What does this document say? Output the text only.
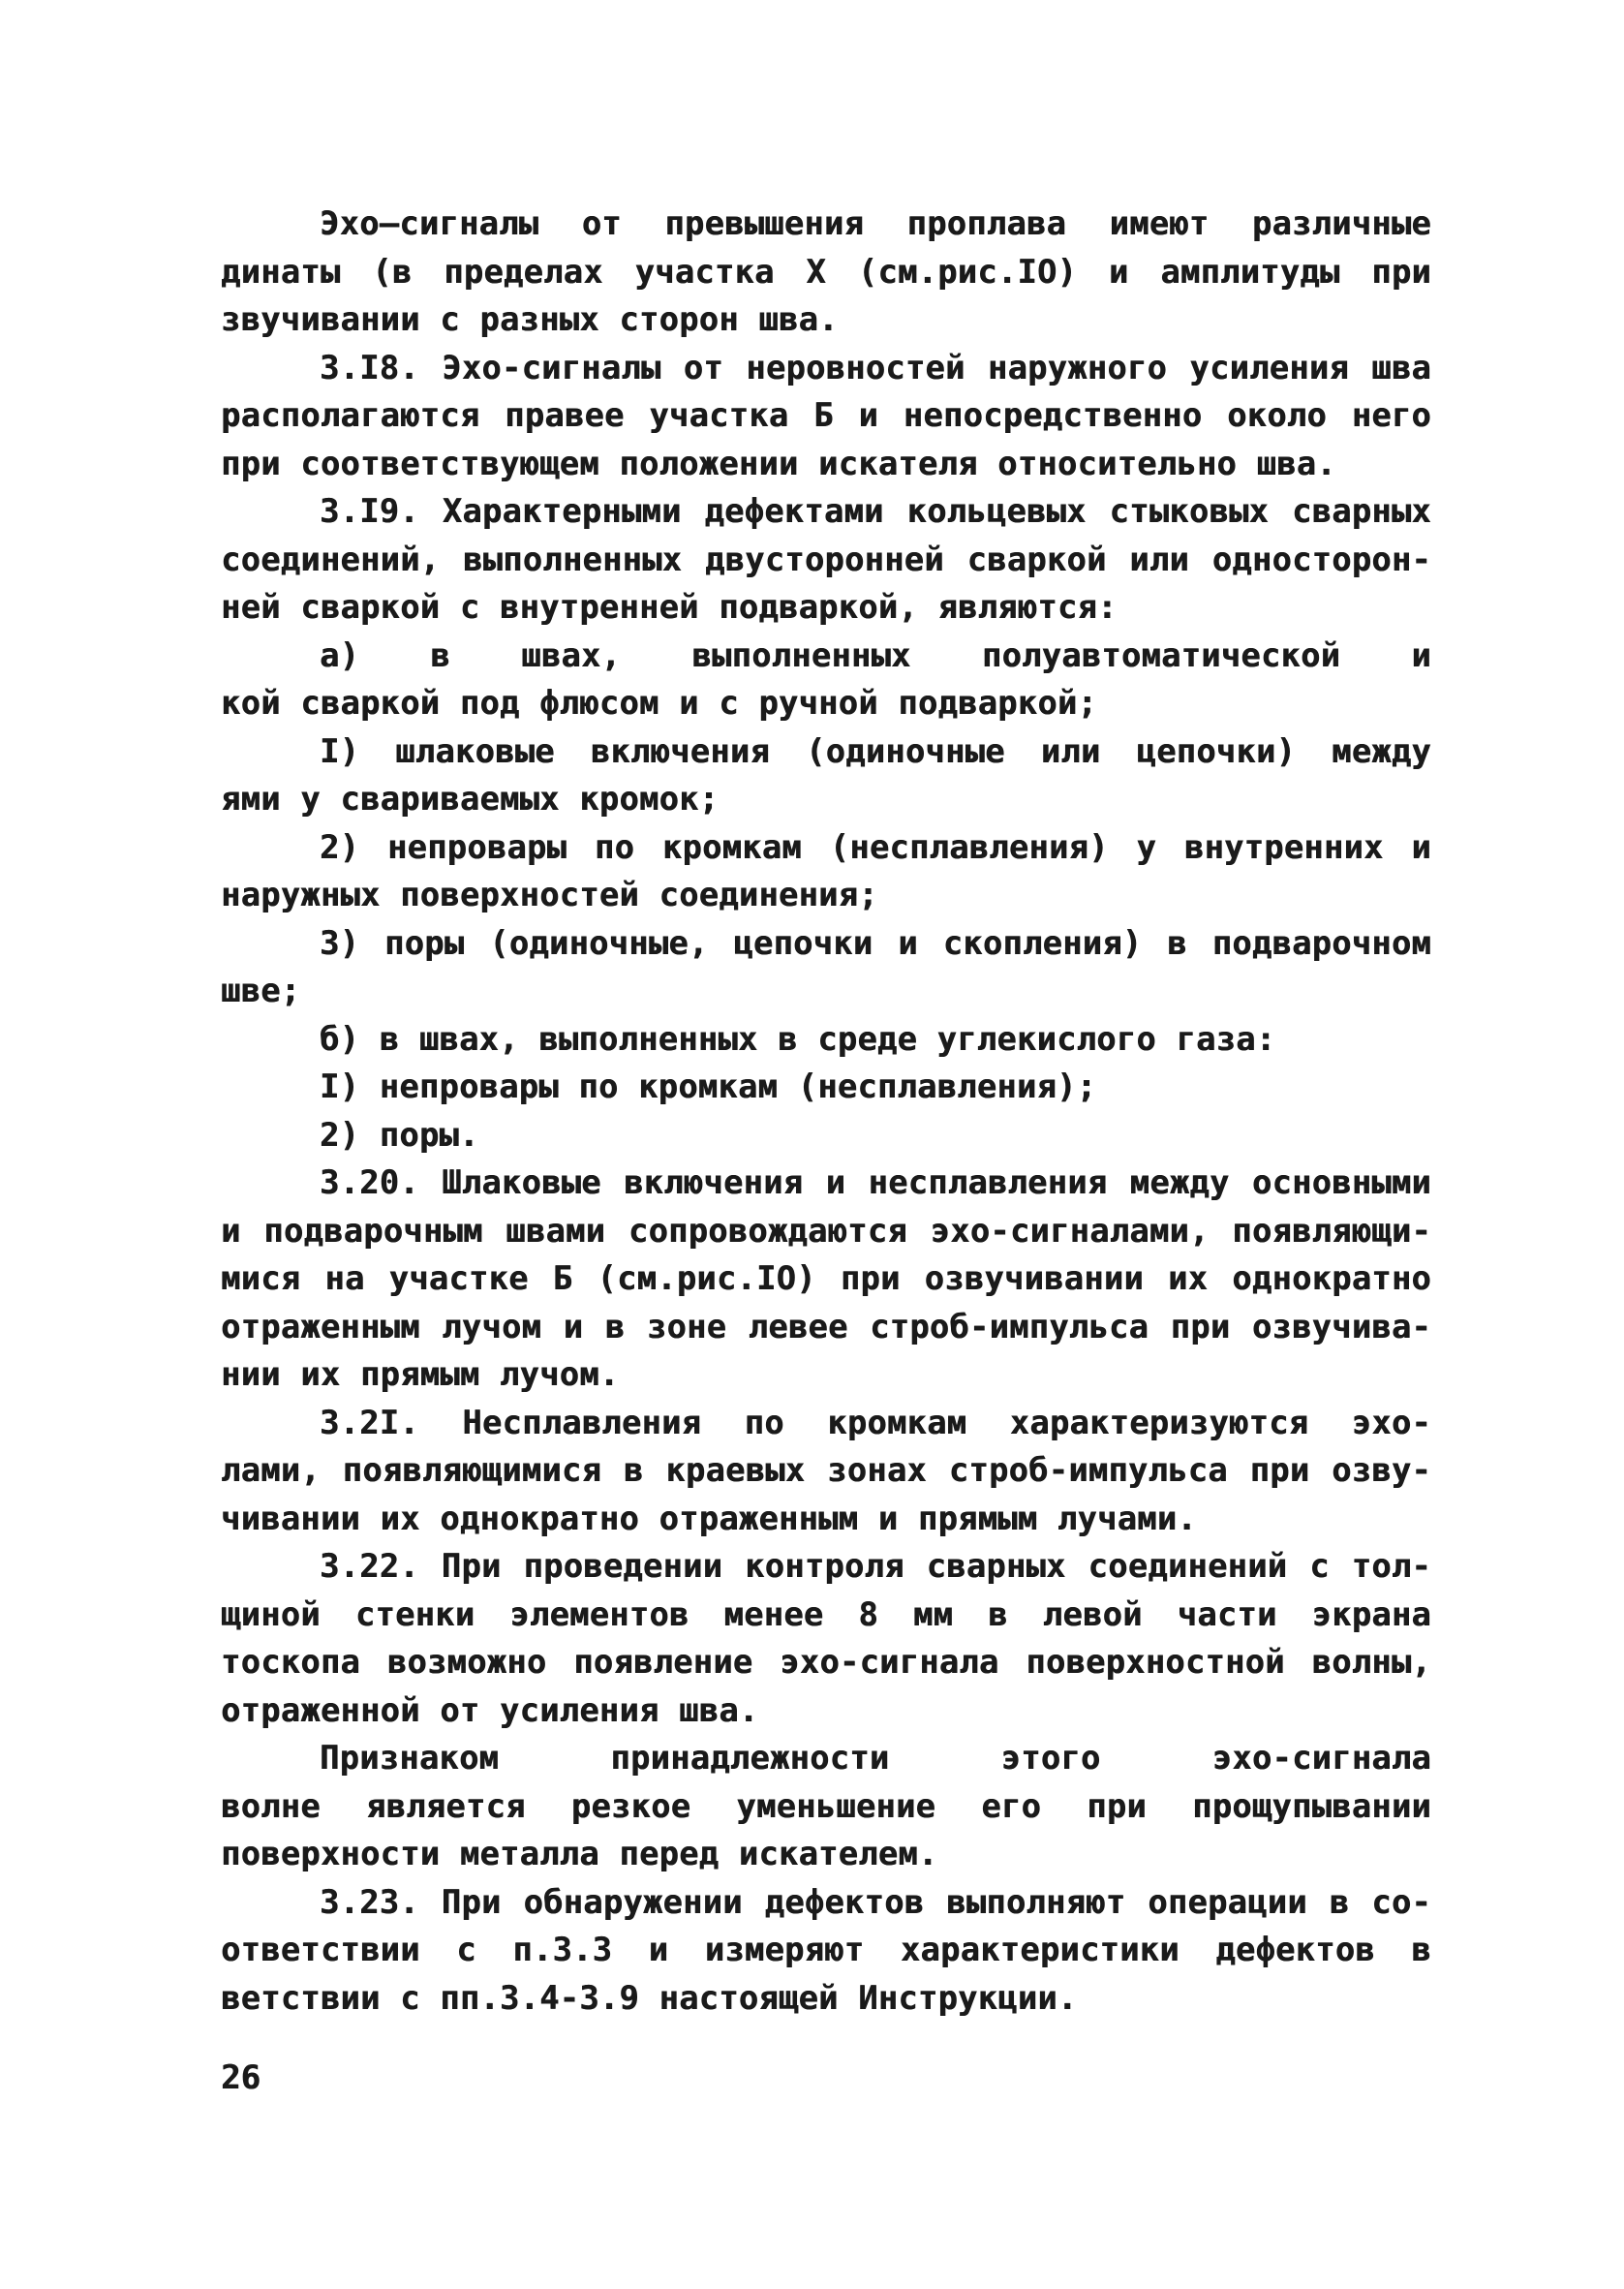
Эхо–сигналы от превышения проплава имеют различные
динаты (в пределах участка X (см.рис.IO) и амплитуды при
звучивании с разных сторон шва.
3.I8. Эхо-сигналы от неровностей наружного усиления шва
располагаются правее участка Б и непосредственно около него
при соответствующем положении искателя относительно шва.
3.I9. Характерными дефектами кольцевых стыковых сварных
соединений, выполненных двусторонней сваркой или односторон-
ней сваркой с внутренней подваркой, являются:
а) в швах, выполненных полуавтоматической и
кой сваркой под флюсом и с ручной подваркой;
I) шлаковые включения (одиночные или цепочки) между
ями у свариваемых кромок;
2) непровары по кромкам (несплавления) у внутренних и
наружных поверхностей соединения;
3) поры (одиночные, цепочки и скопления) в подварочном
шве;
б) в швах, выполненных в среде углекислого газа:
I) непровары по кромкам (несплавления);
2) поры.
3.20. Шлаковые включения и несплавления между основными
и подварочным швами сопровождаются эхо-сигналами, появляющи-
мися на участке Б (см.рис.IO) при озвучивании их однократно
отраженным лучом и в зоне левее строб-импульса при озвучива-
нии их прямым лучом.
3.2I. Несплавления по кромкам характеризуются эхо-
лами, появляющимися в краевых зонах строб-импульса при озву-
чивании их однократно отраженным и прямым лучами.
3.22. При проведении контроля сварных соединений с тол-
щиной стенки элементов менее 8 мм в левой части экрана
тоскопа возможно появление эхо-сигнала поверхностной волны,
отраженной от усиления шва.
Признаком принадлежности этого эхо-сигнала
волне является резкое уменьшение его при прощупывании
поверхности металла перед искателем.
3.23. При обнаружении дефектов выполняют операции в со-
ответствии с п.3.3 и измеряют характеристики дефектов в
ветствии с пп.3.4-3.9 настоящей Инструкции.
26
